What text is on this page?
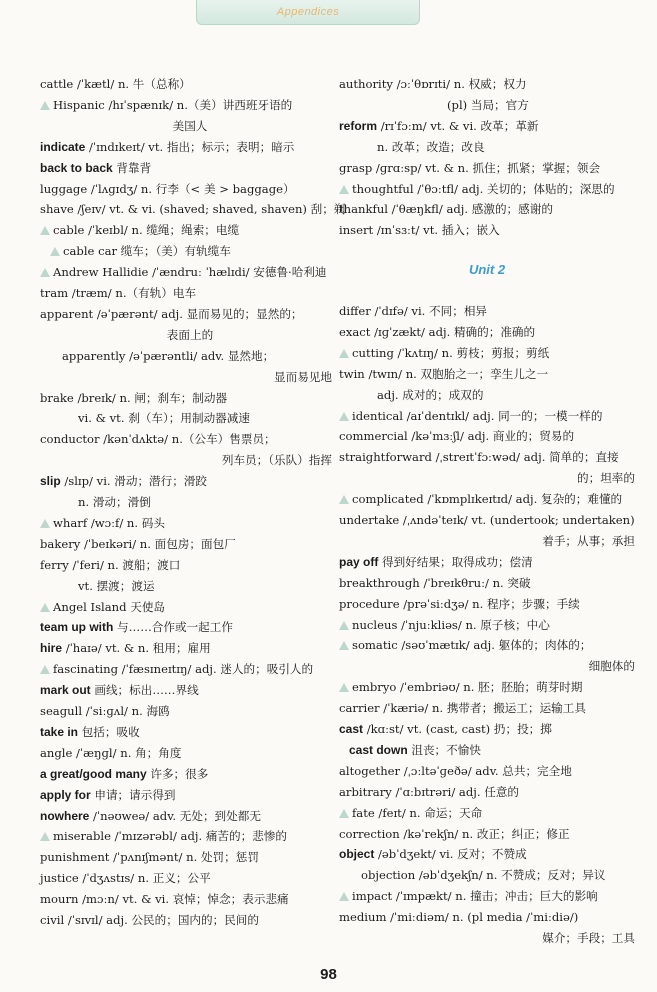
Appendices
cattle /ˈkætl/ n. 牛（总称）
Hispanic /hɪˈspænɪk/ n.（美）讲西班牙语的
美国人
indicate /ˈɪndɪkeɪt/ vt. 指出；标示；表明；暗示
back to back 背靠背
luggage /ˈlʌɡɪdʒ/ n. 行李（< 美 > baggage）
shave /ʃeɪv/ vt. & vi. (shaved; shaved, shaven) 刮；剃
cable /ˈkeɪbl/ n. 缆绳；绳索；电缆
cable car 缆车；（美）有轨缆车
Andrew Hallidie /ˈændruː ˈhælɪdi/ 安德鲁·哈利迪
tram /træm/ n.（有轨）电车
apparent /əˈpærənt/ adj. 显而易见的；显然的；
表面上的
apparently /əˈpærəntli/ adv. 显然地；
显而易见地
brake /breɪk/ n. 闸；刹车；制动器
vi. & vt. 刹（车）；用制动器减速
conductor /kənˈdʌktə/ n.（公车）售票员；
列车员；（乐队）指挥
slip /slɪp/ vi. 滑动；潜行；滑跤
n. 滑动；滑倒
wharf /wɔːf/ n. 码头
bakery /ˈbeɪkəri/ n. 面包房；面包厂
ferry /ˈferi/ n. 渡船；渡口
vt. 摆渡；渡运
Angel Island 天使岛
team up with 与……合作或一起工作
hire /ˈhaɪə/ vt. & n. 租用；雇用
fascinating /ˈfæsɪneɪtɪŋ/ adj. 迷人的；吸引人的
mark out 画线；标出……界线
seagull /ˈsiːɡʌl/ n. 海鸥
take in 包括；吸收
angle /ˈæŋɡl/ n. 角；角度
a great/good many 许多；很多
apply for 申请；请示得到
nowhere /ˈnəʊweə/ adv. 无处；到处都无
miserable /ˈmɪzərəbl/ adj. 痛苦的；悲惨的
punishment /ˈpʌnɪʃmənt/ n. 处罚；惩罚
justice /ˈdʒʌstɪs/ n. 正义；公平
mourn /mɔːn/ vt. & vi. 哀悼；悼念；表示悲痛
civil /ˈsɪvɪl/ adj. 公民的；国内的；民间的
authority /ɔːˈθɒrɪti/ n. 权威；权力
(pl) 当局；官方
reform /rɪˈfɔːm/ vt. & vi. 改革；革新
n. 改革；改造；改良
grasp /ɡrɑːsp/ vt. & n. 抓住；抓紧；掌握；领会
thoughtful /ˈθɔːtfl/ adj. 关切的；体贴的；深思的
thankful /ˈθæŋkfl/ adj. 感激的；感谢的
insert /ɪnˈsɜːt/ vt. 插入；嵌入
Unit 2
differ /ˈdɪfə/ vi. 不同；相异
exact /ɪɡˈzækt/ adj. 精确的；准确的
cutting /ˈkʌtɪŋ/ n. 剪枝；剪报；剪纸
twin /twɪn/ n. 双胞胎之一；孪生儿之一
adj. 成对的；成双的
identical /aɪˈdentɪkl/ adj. 同一的；一模一样的
commercial /kəˈmɜːʃl/ adj. 商业的；贸易的
straightforward /ˌstreɪtˈfɔːwəd/ adj. 简单的；直接
的；坦率的
complicated /ˈkɒmplɪkeɪtɪd/ adj. 复杂的；难懂的
undertake /ˌʌndəˈteɪk/ vt. (undertook; undertaken)
着手；从事；承担
pay off 得到好结果；取得成功；偿清
breakthrough /ˈbreɪkθruː/ n. 突破
procedure /prəˈsiːdʒə/ n. 程序；步骤；手续
nucleus /ˈnjuːkliəs/ n. 原子核；中心
somatic /səʊˈmætɪk/ adj. 躯体的；肉体的；
细胞体的
embryo /ˈembriəʊ/ n. 胚；胚胎；萌芽时期
carrier /ˈkæriə/ n. 携带者；搬运工；运输工具
cast /kɑːst/ vt. (cast, cast) 扔；投；掷
cast down 沮丧；不愉快
altogether /ˌɔːltəˈɡeðə/ adv. 总共；完全地
arbitrary /ˈɑːbɪtrəri/ adj. 任意的
fate /feɪt/ n. 命运；天命
correction /kəˈrekʃn/ n. 改正；纠正；修正
object /əbˈdʒekt/ vi. 反对；不赞成
objection /əbˈdʒekʃn/ n. 不赞成；反对；异议
impact /ˈɪmpækt/ n. 撞击；冲击；巨大的影响
medium /ˈmiːdiəm/ n. (pl media /ˈmiːdiə/)
媒介；手段；工具
98
